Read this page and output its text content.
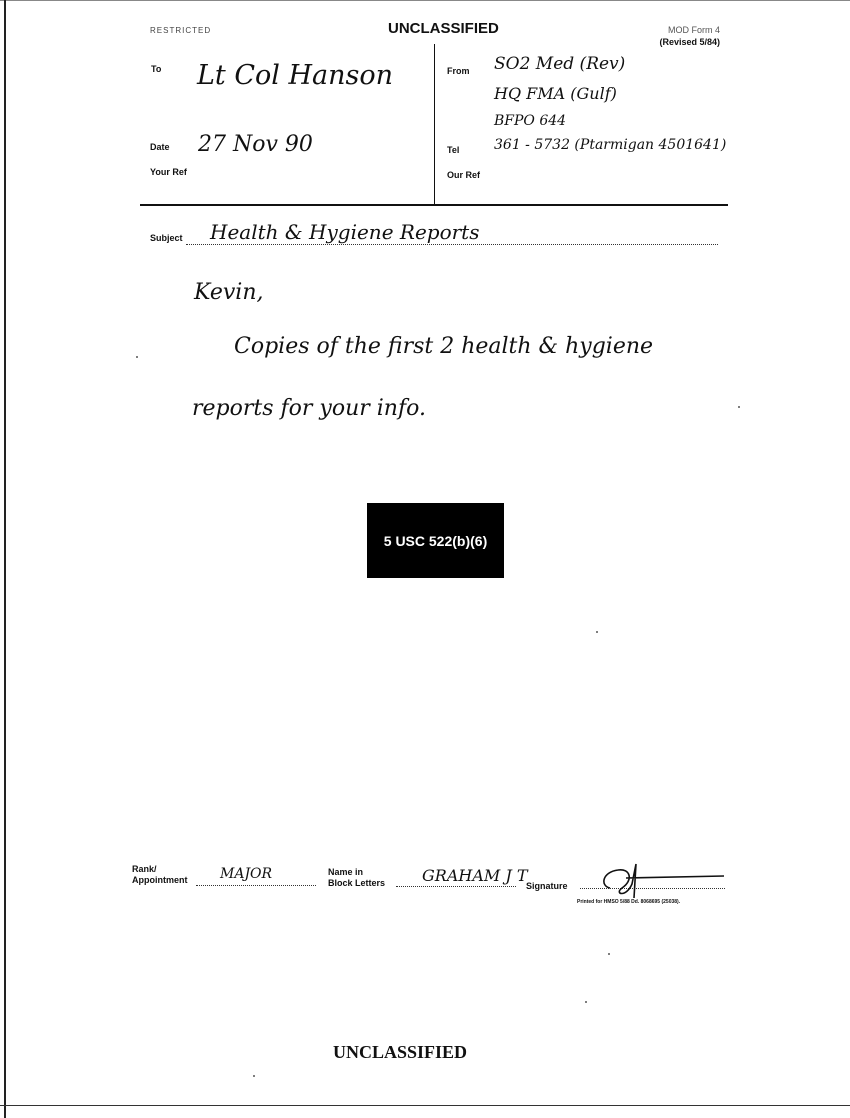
RESTRICTED	UNCLASSIFIED	MOD Form 4
(Revised 5/84)
To Lt Col Hanson
Date 27 Nov 90
Your Ref
From SO2 Med (Rev)
HQ FMA (Gulf)
BFPO 644
Tel 361 - 5732 (Ptarmigan 4501641)
Our Ref
Subject Health & Hygiene Reports
Kevin,
Copies of the first 2 health & hygiene
reports for your info.
5 USC 522(b)(6)
Rank/
Appointment MAJOR	Name in
Block Letters GRAHAM J T
Signature
Printed for HMSO 5/88 Dd. 8068695 (25038).
UNCLASSIFIED
